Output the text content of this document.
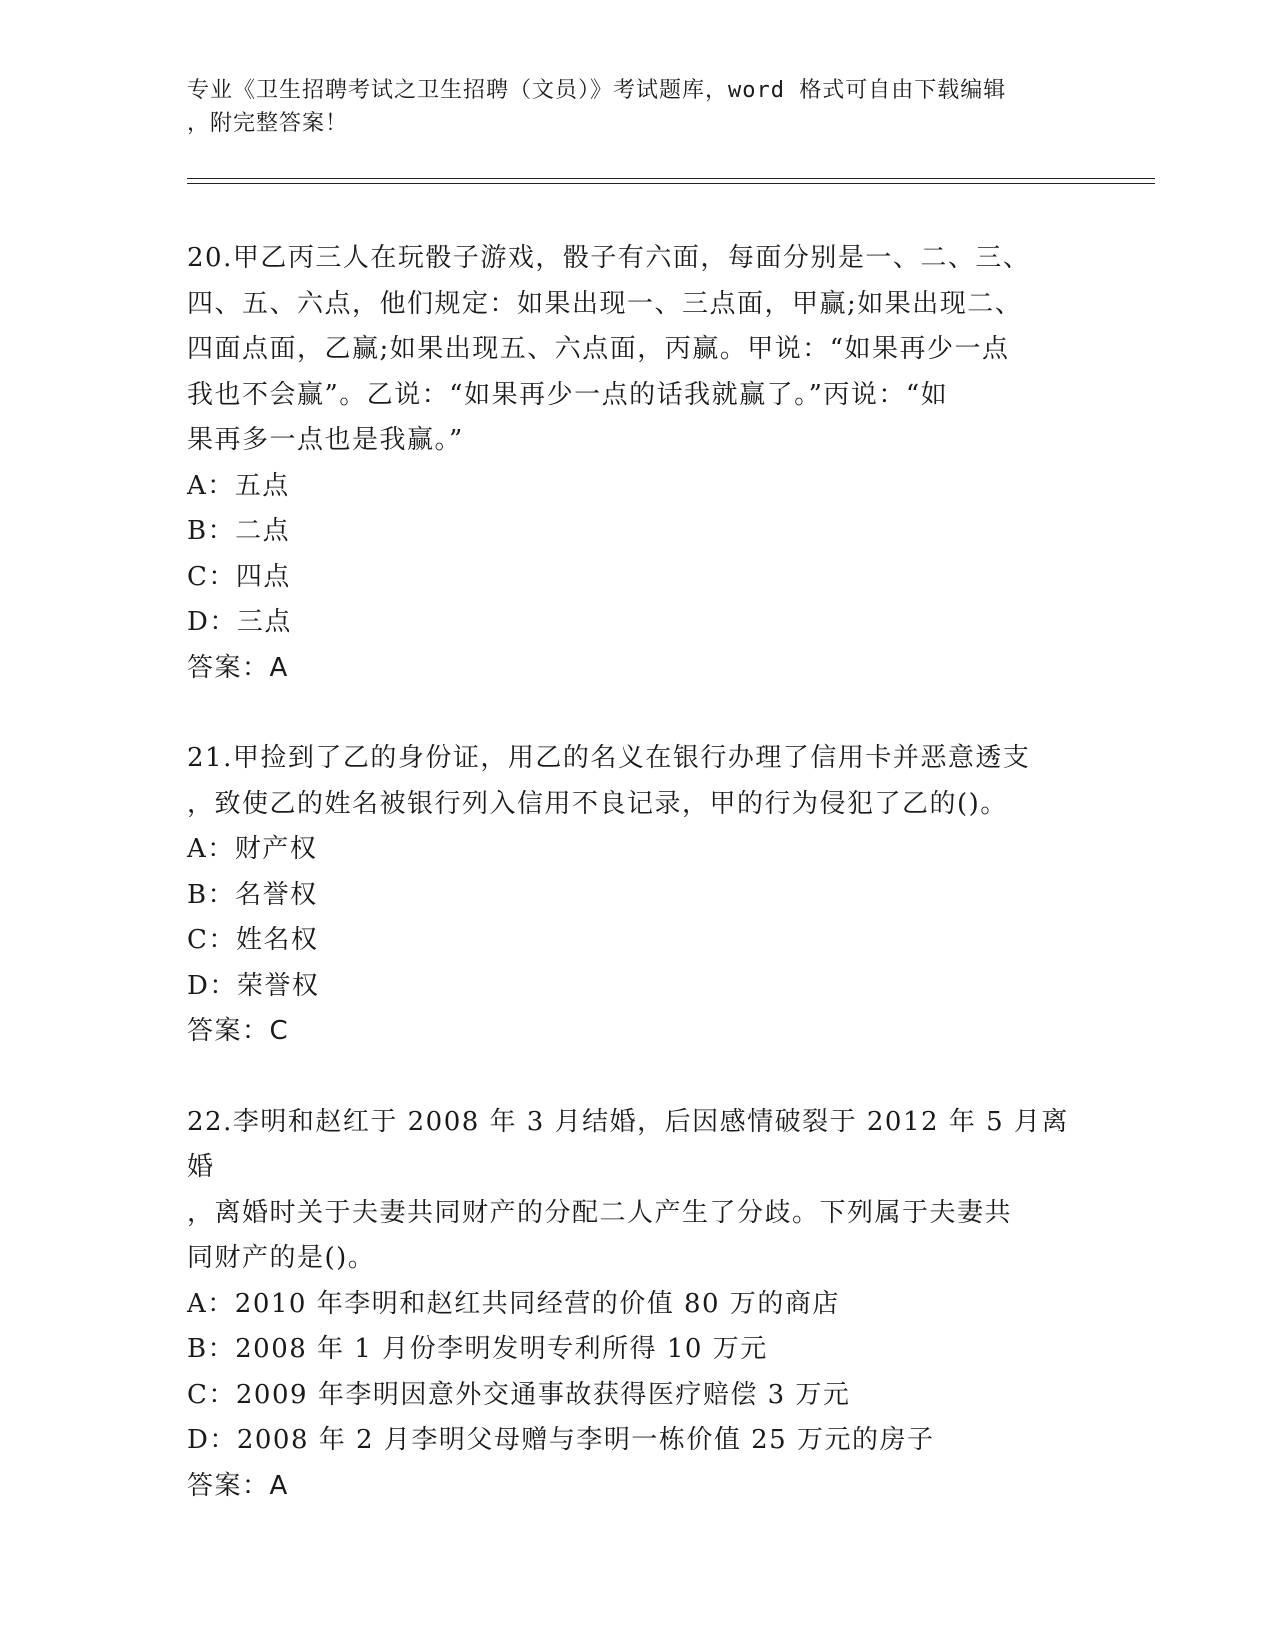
专业《卫生招聘考试之卫生招聘（文员）》考试题库，word 格式可自由下载编辑
，附完整答案！
20.甲乙丙三人在玩骰子游戏，骰子有六面，每面分别是一、二、三、
四、五、六点，他们规定：如果出现一、三点面，甲赢;如果出现二、
四面点面，乙赢;如果出现五、六点面，丙赢。甲说：“如果再少一点
我也不会赢”。乙说：“如果再少一点的话我就赢了。”丙说：“如
果再多一点也是我赢。”
A：五点
B：二点
C：四点
D：三点
答案：A
21.甲捡到了乙的身份证，用乙的名义在银行办理了信用卡并恶意透支
，致使乙的姓名被银行列入信用不良记录，甲的行为侵犯了乙的()。
A：财产权
B：名誉权
C：姓名权
D：荣誉权
答案：C
22.李明和赵红于 2008 年 3 月结婚，后因感情破裂于 2012 年 5 月离婚
，离婚时关于夫妻共同财产的分配二人产生了分歧。下列属于夫妻共
同财产的是()。
A：2010 年李明和赵红共同经营的价值 80 万的商店
B：2008 年 1 月份李明发明专利所得 10 万元
C：2009 年李明因意外交通事故获得医疗赔偿 3 万元
D：2008 年 2 月李明父母赠与李明一栋价值 25 万元的房子
答案：A
